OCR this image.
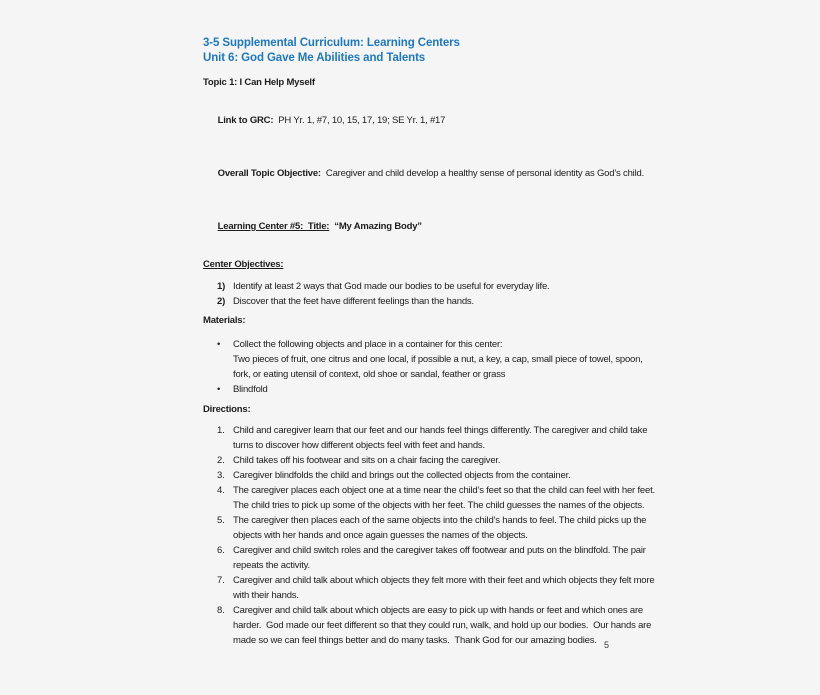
3-5 Supplemental Curriculum: Learning Centers
Unit 6: God Gave Me Abilities and Talents
Topic 1: I Can Help Myself

Link to GRC: PH Yr. 1, #7, 10, 15, 17, 19; SE Yr. 1, #17

Overall Topic Objective: Caregiver and child develop a healthy sense of personal identity as God’s child.

Learning Center #5:  Title: “My Amazing Body”

Center Objectives:
1) Identify at least 2 ways that God made our bodies to be useful for everyday life.
2) Discover that the feet have different feelings than the hands.
Materials:
•	Collect the following objects and place in a container for this center:
Two pieces of fruit, one citrus and one local, if possible a nut, a key, a cap, small piece of towel, spoon, fork, or eating utensil of context, old shoe or sandal, feather or grass
•	Blindfold
Directions:
1. Child and caregiver learn that our feet and our hands feel things differently. The caregiver and child take turns to discover how different objects feel with feet and hands.
2. Child takes off his footwear and sits on a chair facing the caregiver.
3. Caregiver blindfolds the child and brings out the collected objects from the container.
4. The caregiver places each object one at a time near the child’s feet so that the child can feel with her feet. The child tries to pick up some of the objects with her feet. The child guesses the names of the objects.
5. The caregiver then places each of the same objects into the child’s hands to feel. The child picks up the objects with her hands and once again guesses the names of the objects.
6. Caregiver and child switch roles and the caregiver takes off footwear and puts on the blindfold. The pair repeats the activity.
7. Caregiver and child talk about which objects they felt more with their feet and which objects they felt more with their hands.
8. Caregiver and child talk about which objects are easy to pick up with hands or feet and which ones are harder.  God made our feet different so that they could run, walk, and hold up our bodies.  Our hands are made so we can feel things better and do many tasks.  Thank God for our amazing bodies. 5
